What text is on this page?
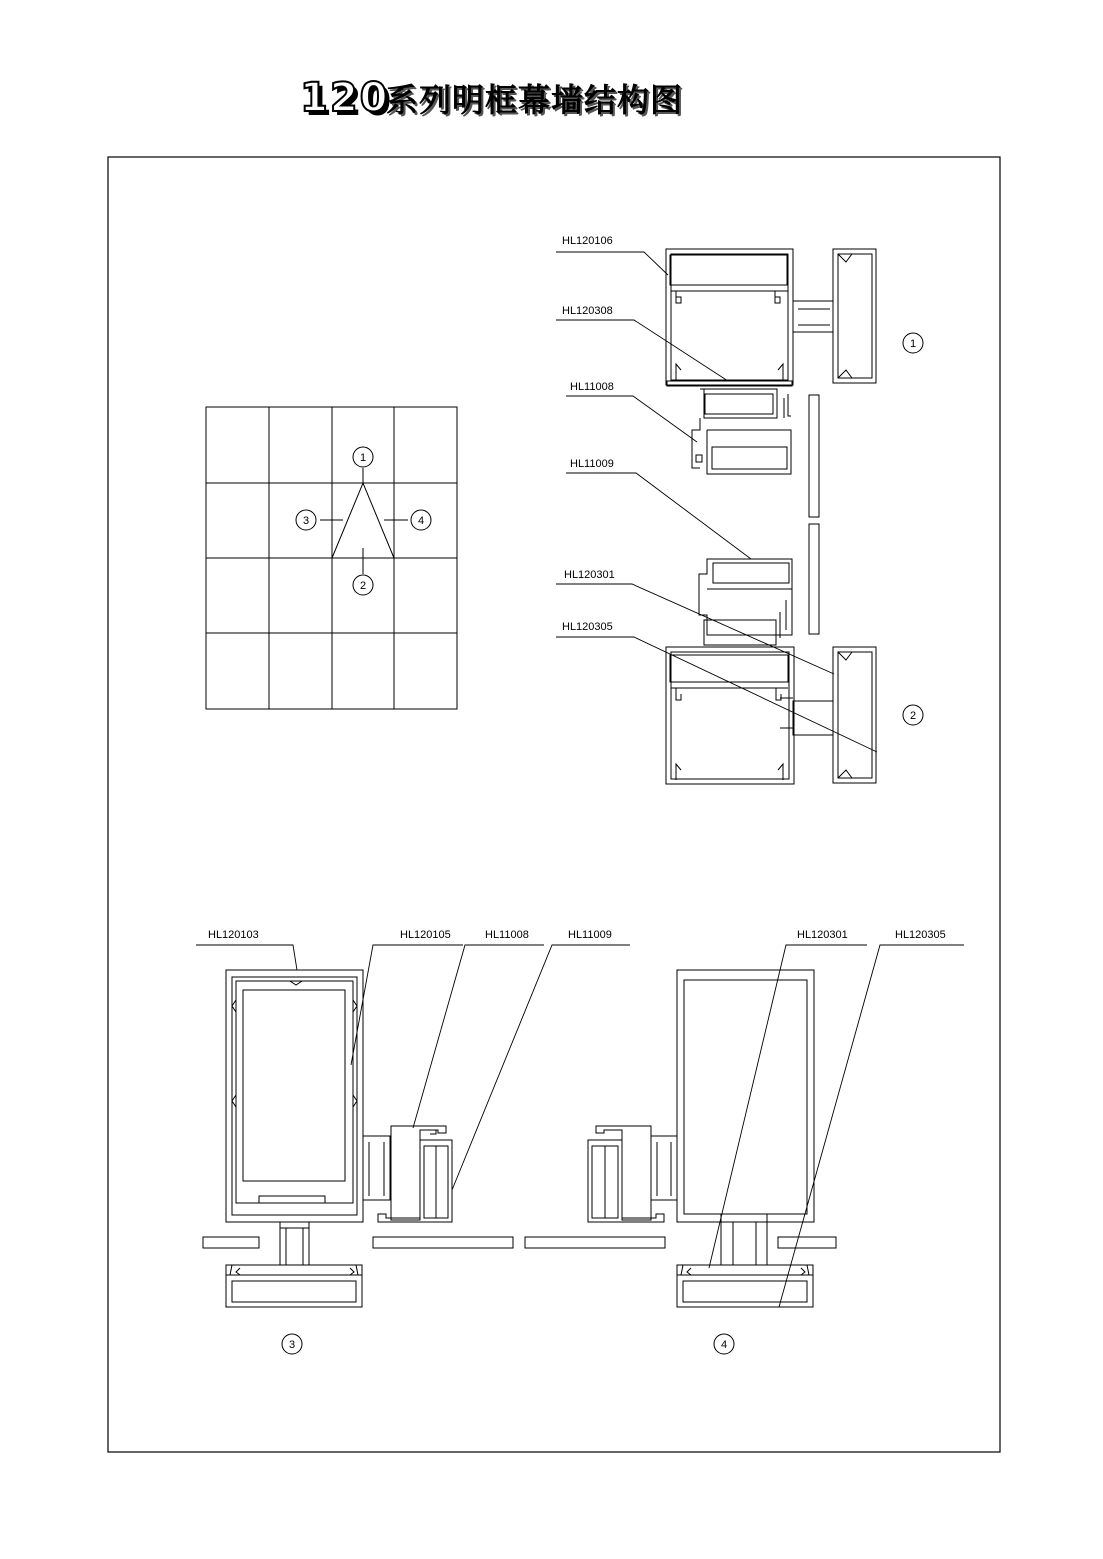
120
系列明框幕墙结构图
1
2
3	4
HL120106
HL120308
HL11008
HL11009
HL120301
HL120305
1
2
HL120103	HL120105	HL11008	HL11009
3
HL120301	HL120305
4
